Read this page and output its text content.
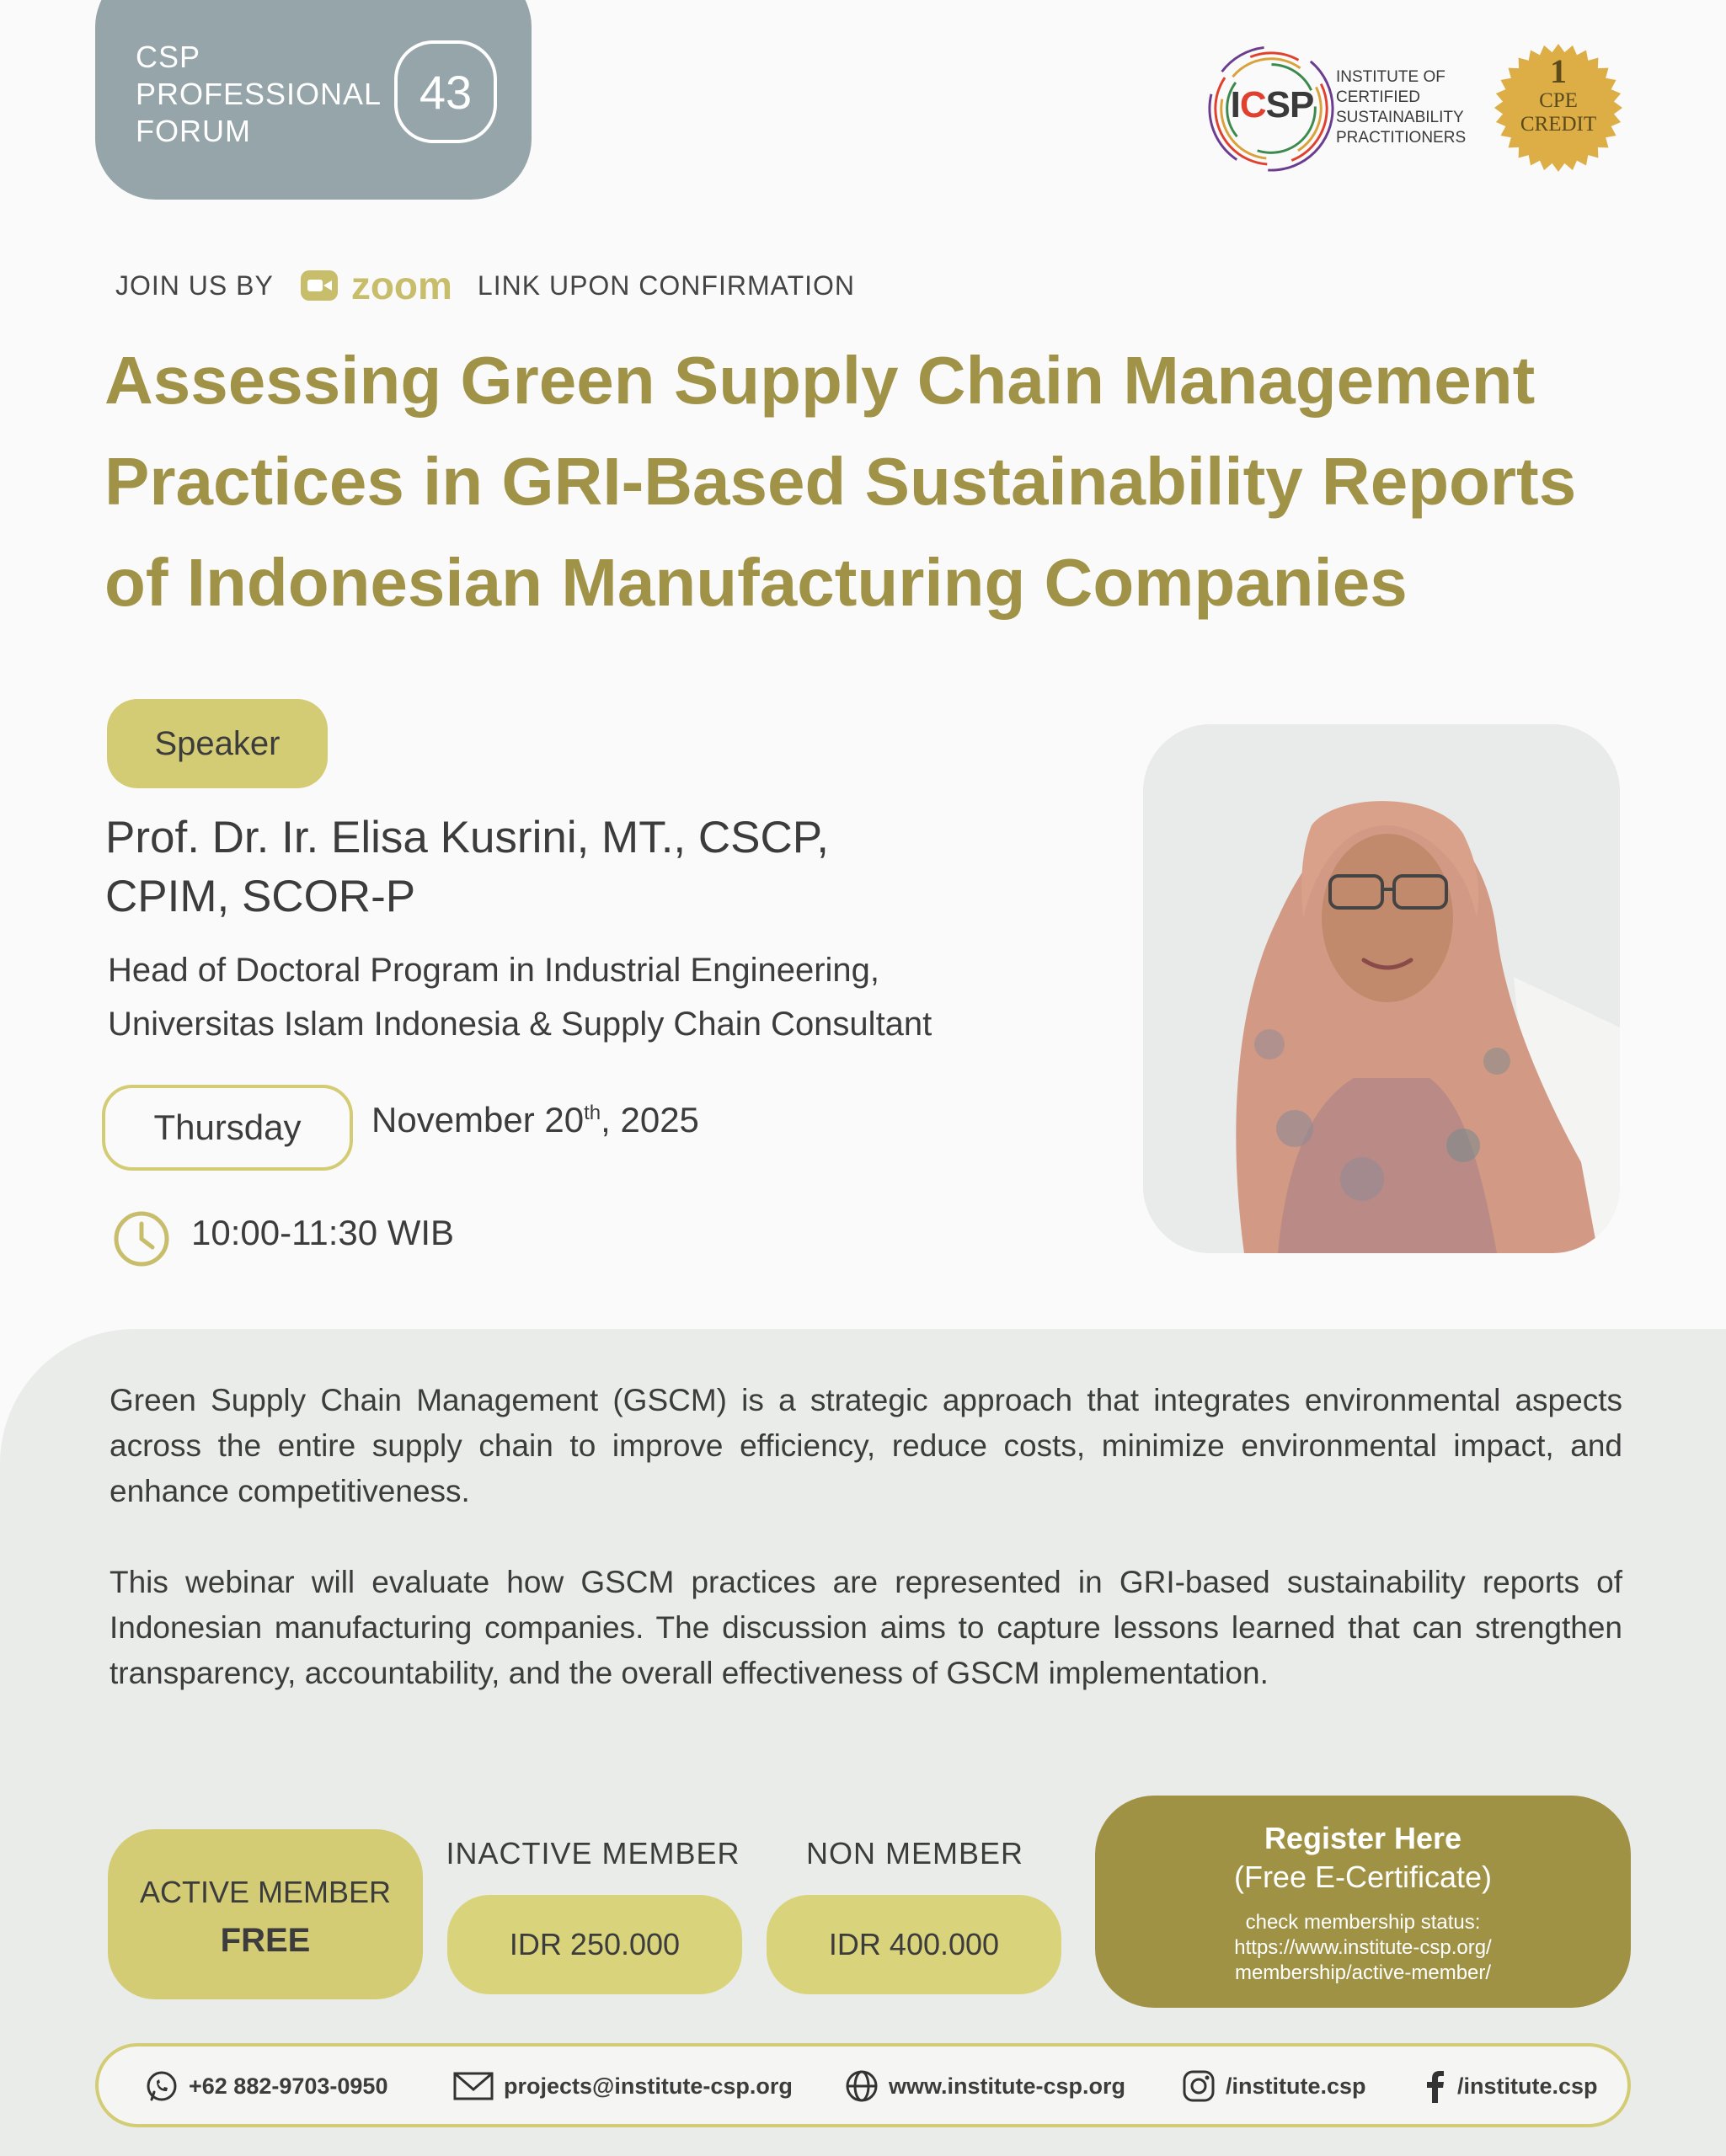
CSP
PROFESSIONAL
FORUM
43	ICSP
INSTITUTE OF
CERTIFIED
SUSTAINABILITY
PRACTITIONERS
1
CPE
CREDIT
JOIN US BY zoom LINK UPON CONFIRMATION
Assessing Green Supply Chain Management
Practices in GRI-Based Sustainability Reports
of Indonesian Manufacturing Companies
Speaker
Prof. Dr. Ir. Elisa Kusrini, MT., CSCP,
CPIM, SCOR-P
Head of Doctoral Program in Industrial Engineering,
Universitas Islam Indonesia & Supply Chain Consultant
Thursday	November 20th, 2025
10:00-11:30 WIB

Green Supply Chain Management (GSCM) is a strategic approach that integrates environmental aspects across the entire supply chain to improve efficiency, reduce costs, minimize environmental impact, and enhance competitiveness.

This webinar will evaluate how GSCM practices are represented in GRI-based sustainability reports of Indonesian manufacturing companies. The discussion aims to capture lessons learned that can strengthen transparency, accountability, and the overall effectiveness of GSCM implementation.

ACTIVE MEMBER
FREE
INACTIVE MEMBER
IDR 250.000
NON MEMBER
IDR 400.000
Register Here
(Free E-Certificate)
check membership status:
https://www.institute-csp.org/
membership/active-member/
+62 882-9703-0950	projects@institute-csp.org	www.institute-csp.org	/institute.csp	/institute.csp
